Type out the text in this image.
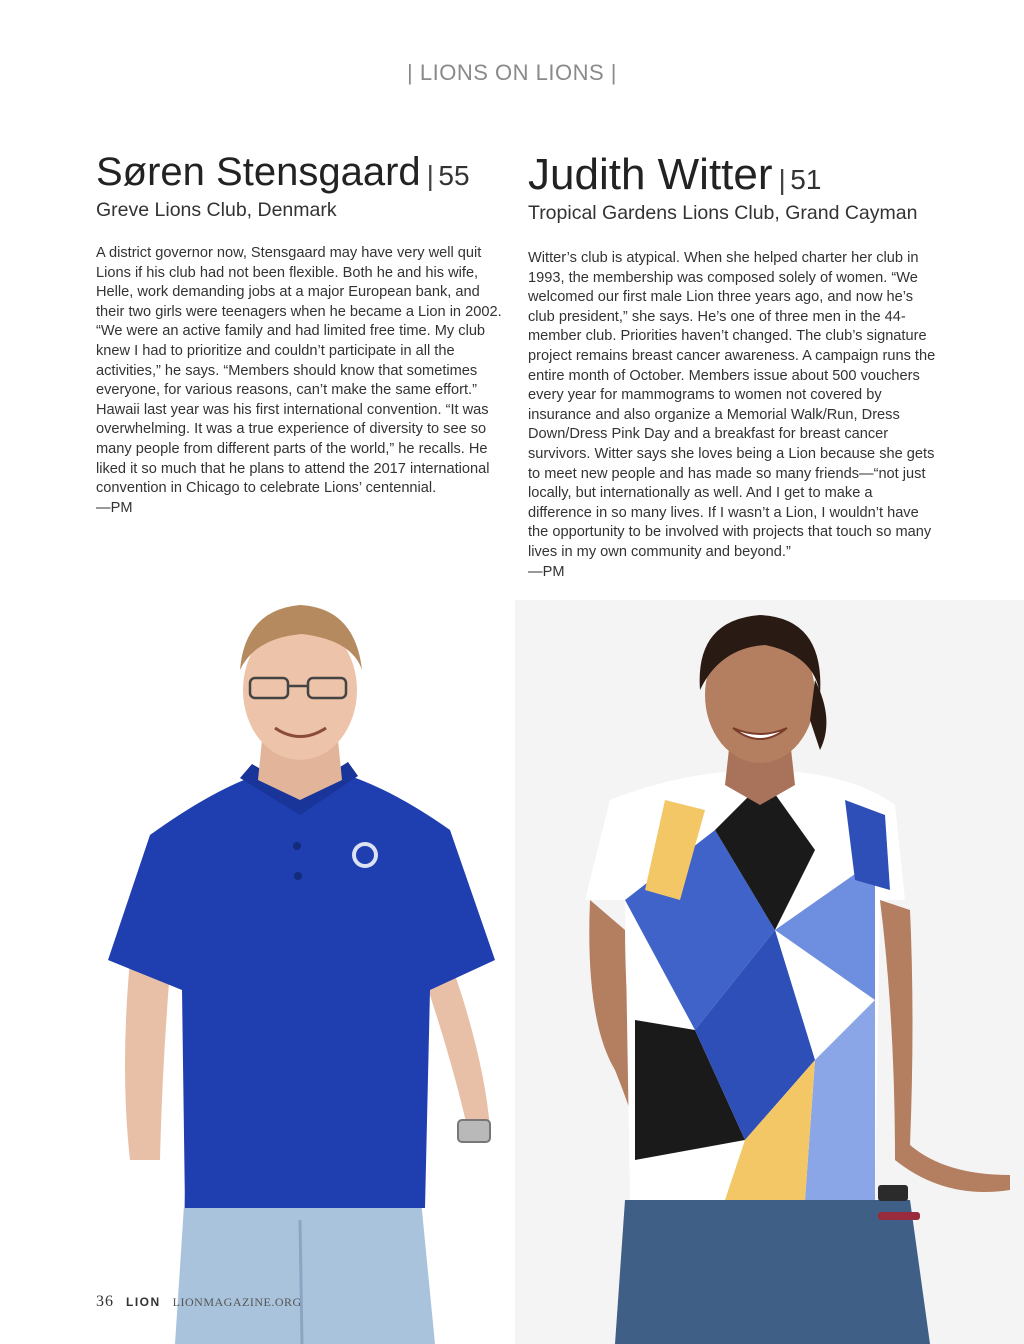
| LIONS ON LIONS |
Søren Stensgaard | 55
Greve Lions Club, Denmark

A district governor now, Stensgaard may have very well quit Lions if his club had not been flexible. Both he and his wife, Helle, work demanding jobs at a major European bank, and their two girls were teenagers when he became a Lion in 2002. “We were an active family and had limited free time. My club knew I had to prioritize and couldn’t participate in all the activities,” he says. “Members should know that sometimes everyone, for various reasons, can’t make the same effort.” Hawaii last year was his first international convention. “It was overwhelming. It was a true experience of diversity to see so many people from different parts of the world,” he recalls. He liked it so much that he plans to attend the 2017 international convention in Chicago to celebrate Lions’ centennial.

—PM
Judith Witter | 51
Tropical Gardens Lions Club, Grand Cayman

Witter’s club is atypical. When she helped charter her club in 1993, the membership was composed solely of women. “We welcomed our first male Lion three years ago, and now he’s club president,” she says. He’s one of three men in the 44-member club. Priorities haven’t changed. The club’s signature project remains breast cancer awareness. A campaign runs the entire month of October. Members issue about 500 vouchers every year for mammograms to women not covered by insurance and also organize a Memorial Walk/Run, Dress Down/Dress Pink Day and a breakfast for breast cancer survivors. Witter says she loves being a Lion because she gets to meet new people and has made so many friends—“not just locally, but internationally as well. And I get to make a difference in so many lives. If I wasn’t a Lion, I wouldn’t have the opportunity to be involved with projects that touch so many lives in my own community and beyond.”

—PM
36 LION LIONMAGAZINE.ORG
